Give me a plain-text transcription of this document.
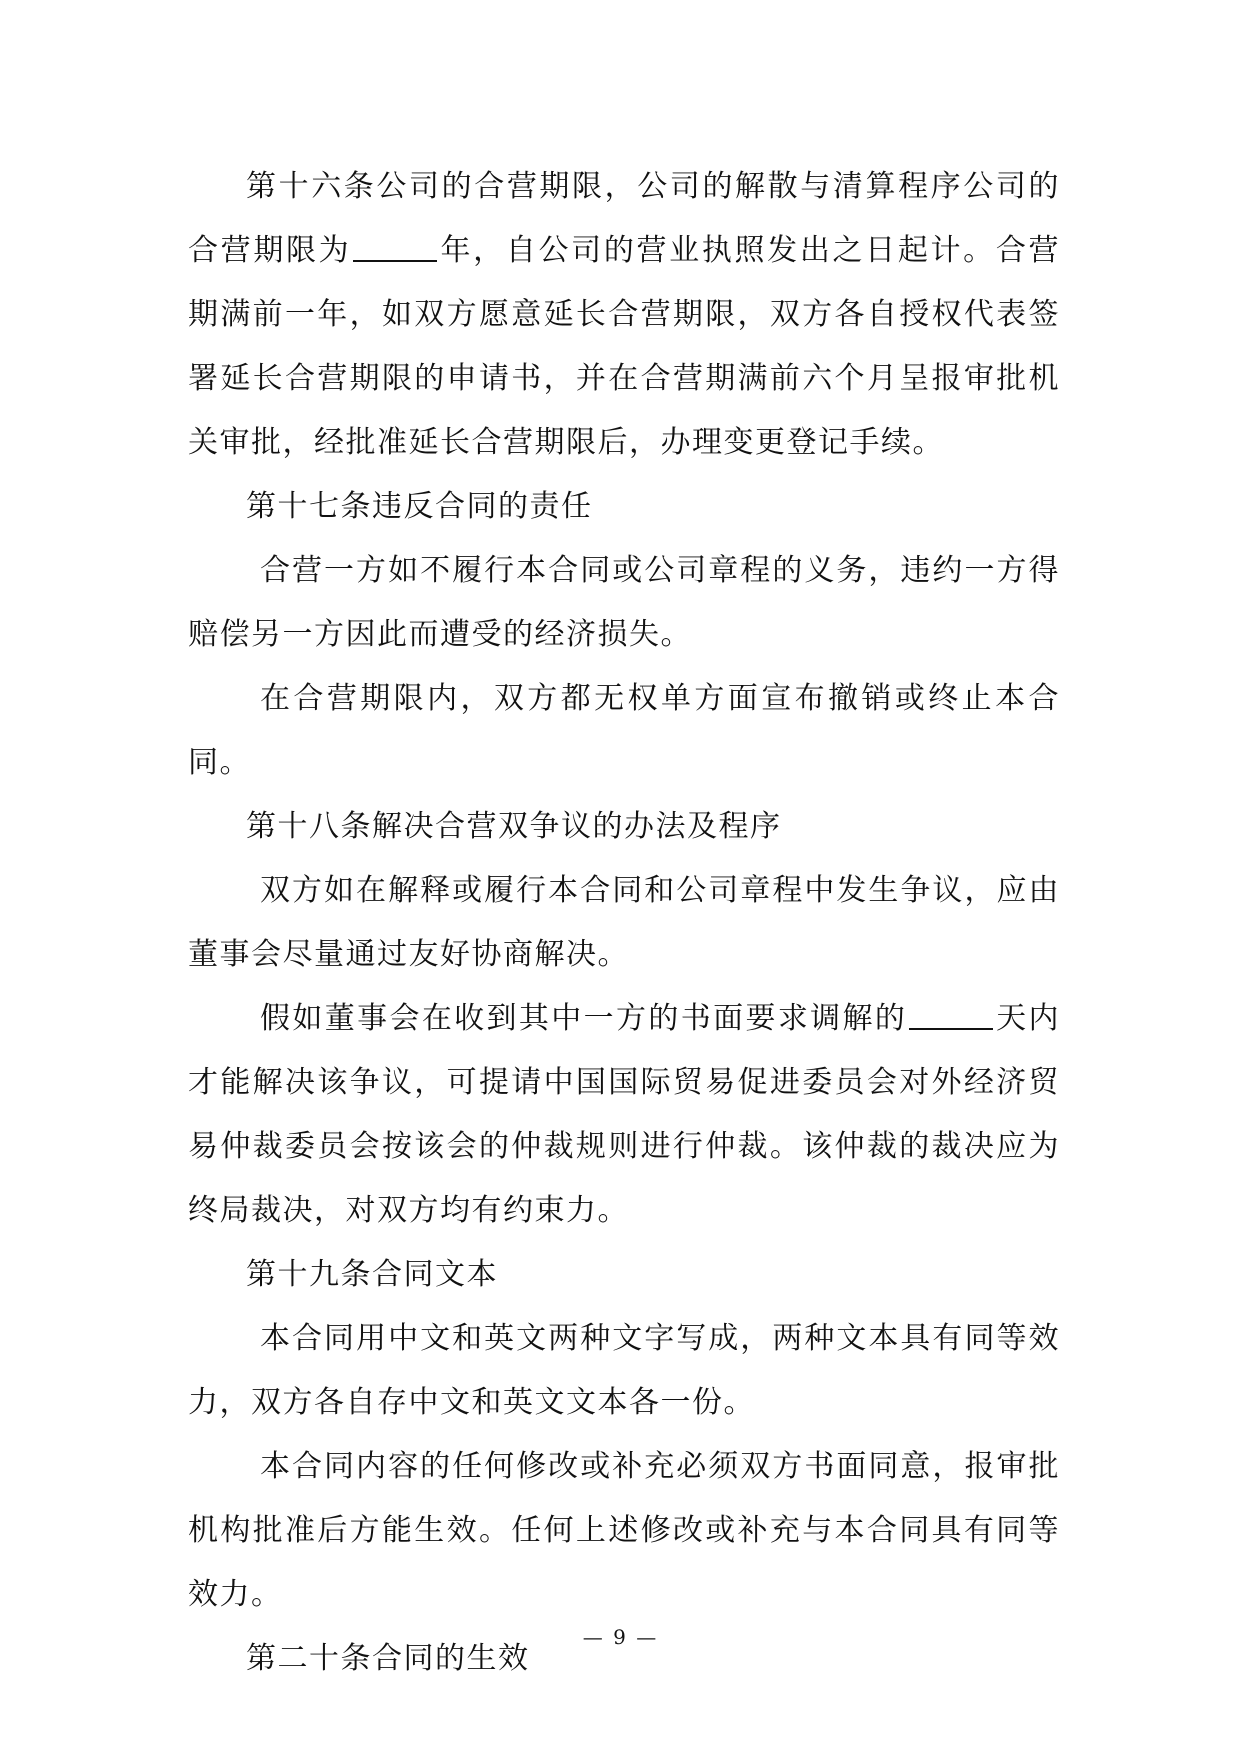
第十六条公司的合营期限，公司的解散与清算程序公司的合营期限为	年，自公司的营业执照发出之日起计。合营期满前一年，如双方愿意延长合营期限，双方各自授权代表签署延长合营期限的申请书，并在合营期满前六个月呈报审批机关审批，经批准延长合营期限后，办理变更登记手续。

第十七条违反合同的责任

合营一方如不履行本合同或公司章程的义务，违约一方得赔偿另一方因此而遭受的经济损失。

在合营期限内，双方都无权单方面宣布撤销或终止本合同。

第十八条解决合营双争议的办法及程序

双方如在解释或履行本合同和公司章程中发生争议，应由董事会尽量通过友好协商解决。

假如董事会在收到其中一方的书面要求调解的	天内才能解决该争议，可提请中国国际贸易促进委员会对外经济贸易仲裁委员会按该会的仲裁规则进行仲裁。该仲裁的裁决应为终局裁决，对双方均有约束力。

第十九条合同文本

本合同用中文和英文两种文字写成，两种文本具有同等效力，双方各自存中文和英文文本各一份。

本合同内容的任何修改或补充必须双方书面同意，报审批机构批准后方能生效。任何上述修改或补充与本合同具有同等效力。

第二十条合同的生效

— 9 —
